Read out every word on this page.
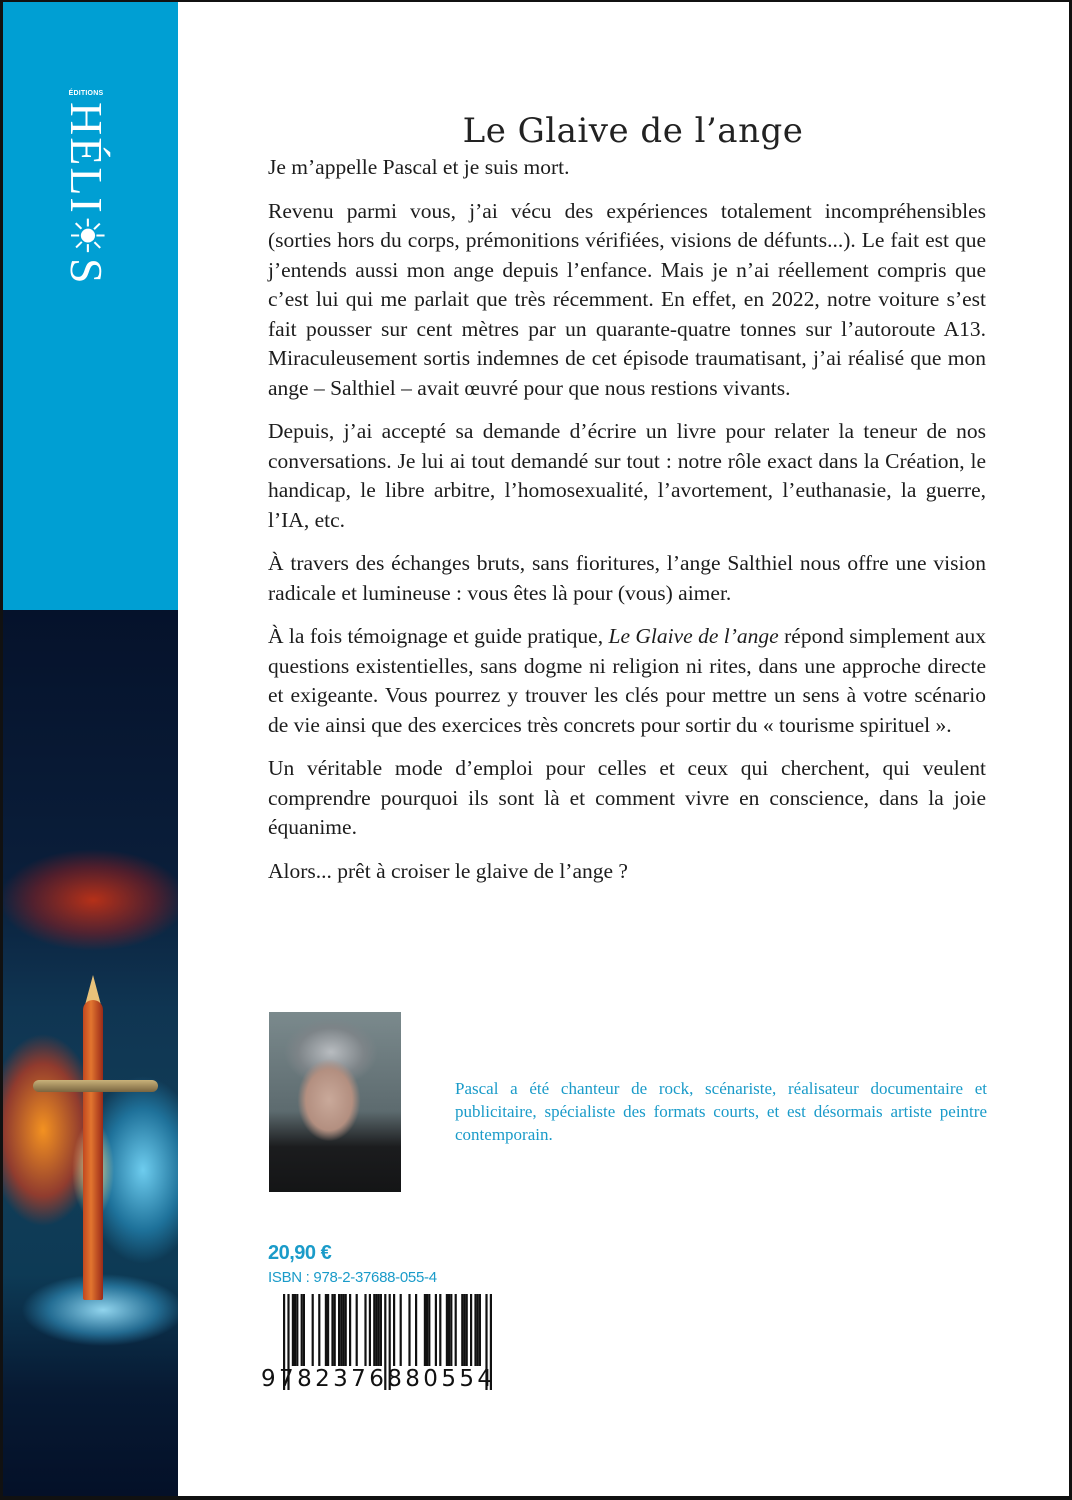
ÉDITIONS
HÉLI☀S	Le Glaive de l’ange

Je m’appelle Pascal et je suis mort.

Revenu parmi vous, j’ai vécu des expériences totalement incompréhensibles (sorties hors du corps, prémonitions vérifiées, visions de défunts...). Le fait est que j’entends aussi mon ange depuis l’enfance. Mais je n’ai réellement compris que c’est lui qui me parlait que très récemment. En effet, en 2022, notre voiture s’est fait pousser sur cent mètres par un quarante-quatre tonnes sur l’autoroute A13. Miraculeusement sortis indemnes de cet épisode traumatisant, j’ai réalisé que mon ange – Salthiel – avait œuvré pour que nous restions vivants.

Depuis, j’ai accepté sa demande d’écrire un livre pour relater la teneur de nos conversations. Je lui ai tout demandé sur tout : notre rôle exact dans la Création, le handicap, le libre arbitre, l’homosexualité, l’avortement, l’euthanasie, la guerre, l’IA, etc.

À travers des échanges bruts, sans fioritures, l’ange Salthiel nous offre une vision radicale et lumineuse : vous êtes là pour (vous) aimer.

À la fois témoignage et guide pratique, Le Glaive de l’ange répond simplement aux questions existentielles, sans dogme ni religion ni rites, dans une approche directe et exigeante. Vous pourrez y trouver les clés pour mettre un sens à votre scénario de vie ainsi que des exercices très concrets pour sortir du « tourisme spirituel ».

Un véritable mode d’emploi pour celles et ceux qui cherchent, qui veulent comprendre pourquoi ils sont là et comment vivre en conscience, dans la joie équanime.

Alors... prêt à croiser le glaive de l’ange ?

Pascal a été chanteur de rock, scénariste, réalisateur documentaire et publicitaire, spécialiste des formats courts, et est désormais artiste peintre contemporain.
20,90 €
ISBN : 978-2-37688-055-4
9782376880554
